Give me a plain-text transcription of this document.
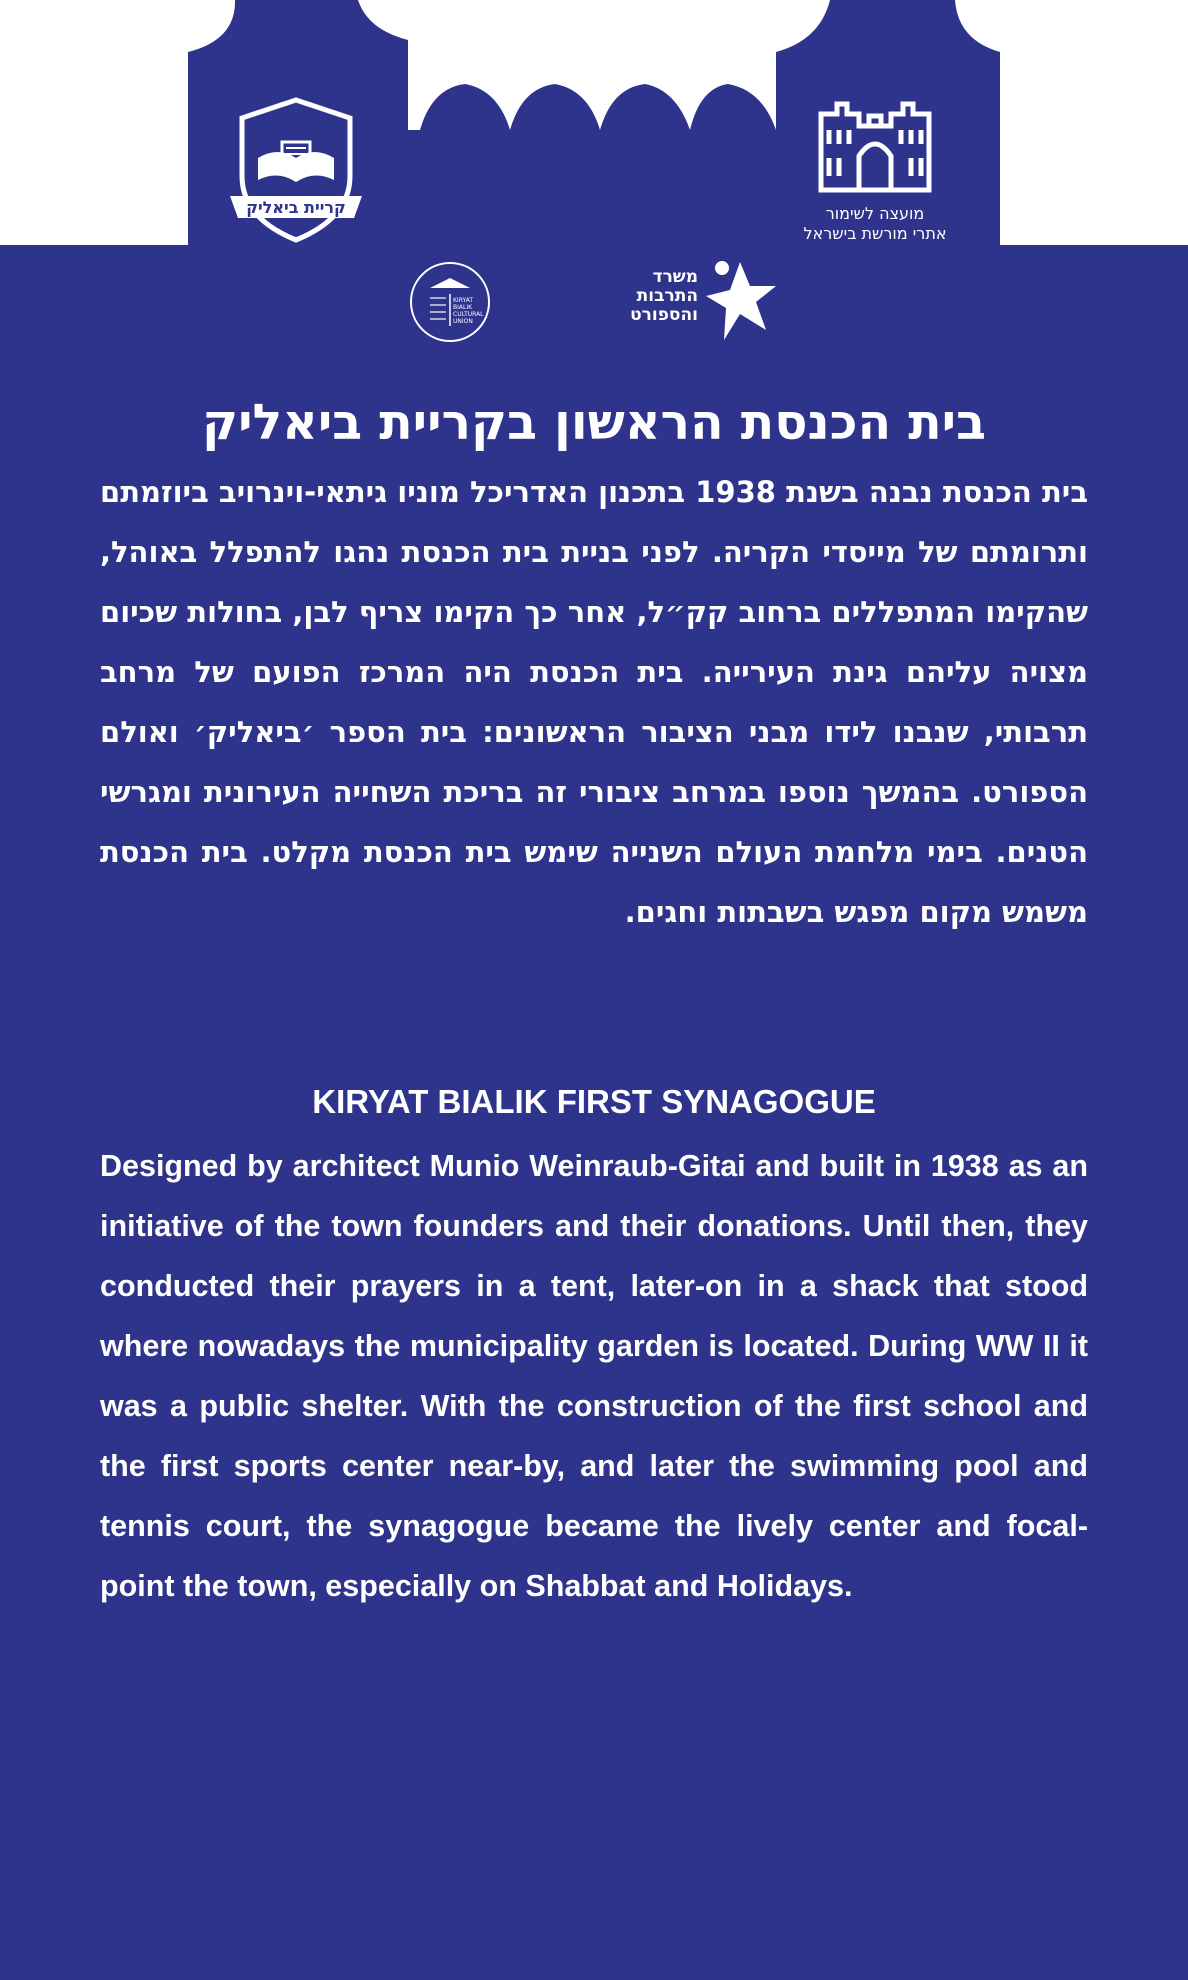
מועצה לשימור
אתרי מורשת בישראל
קריית ביאליק
KIRYAT
BIALIK
CULTURAL
UNION
משרד
התרבות
והספורט
בית הכנסת הראשון בקריית ביאליק

בית הכנסת נבנה בשנת 1938 בתכנון האדריכל מוניו גיתאי-וינרויב ביוזמתם ותרומתם של מייסדי הקריה. לפני בניית בית הכנסת נהגו להתפלל באוהל, שהקימו המתפללים ברחוב קק״ל, אחר כך הקימו צריף לבן, בחולות שכיום מצויה עליהם גינת העירייה. בית הכנסת היה המרכז הפועם של מרחב תרבותי, שנבנו לידו מבני הציבור הראשונים: בית הספר ׳ביאליק׳ ואולם הספורט. בהמשך נוספו במרחב ציבורי זה בריכת השחייה העירונית ומגרשי הטנים. בימי מלחמת העולם השנייה שימש בית הכנסת מקלט. בית הכנסת משמש מקום מפגש בשבתות וחגים.

KIRYAT BIALIK FIRST SYNAGOGUE

Designed by architect Munio Weinraub-Gitai and built in 1938 as an initiative of the town founders and their donations. Until then, they conducted their prayers in a tent, later-on in a shack that stood where nowadays the municipality garden is located. During WW II it was a public shelter. With the construction of the first school and the first sports center near-by, and later the swimming pool and tennis court, the synagogue became the lively center and focal-point the town, especially on Shabbat and Holidays.
